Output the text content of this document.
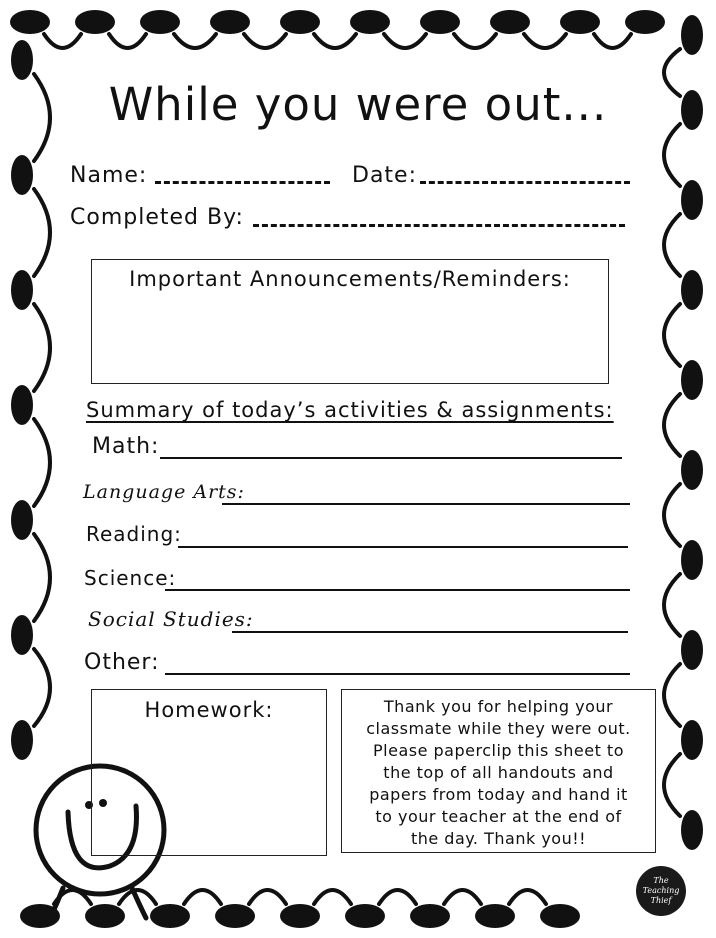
While you were out...
Name:	Date:
Completed By:
Important Announcements/Reminders:
Summary of today’s activities & assignments:
Math:
Language Arts:
Reading:
Science:
Social Studies:
Other:
Homework:	Thank you for helping your
classmate while they were out.
Please paperclip this sheet to
the top of all handouts and
papers from today and hand it
to your teacher at the end of
the day. Thank you!!
The Teaching Thief
